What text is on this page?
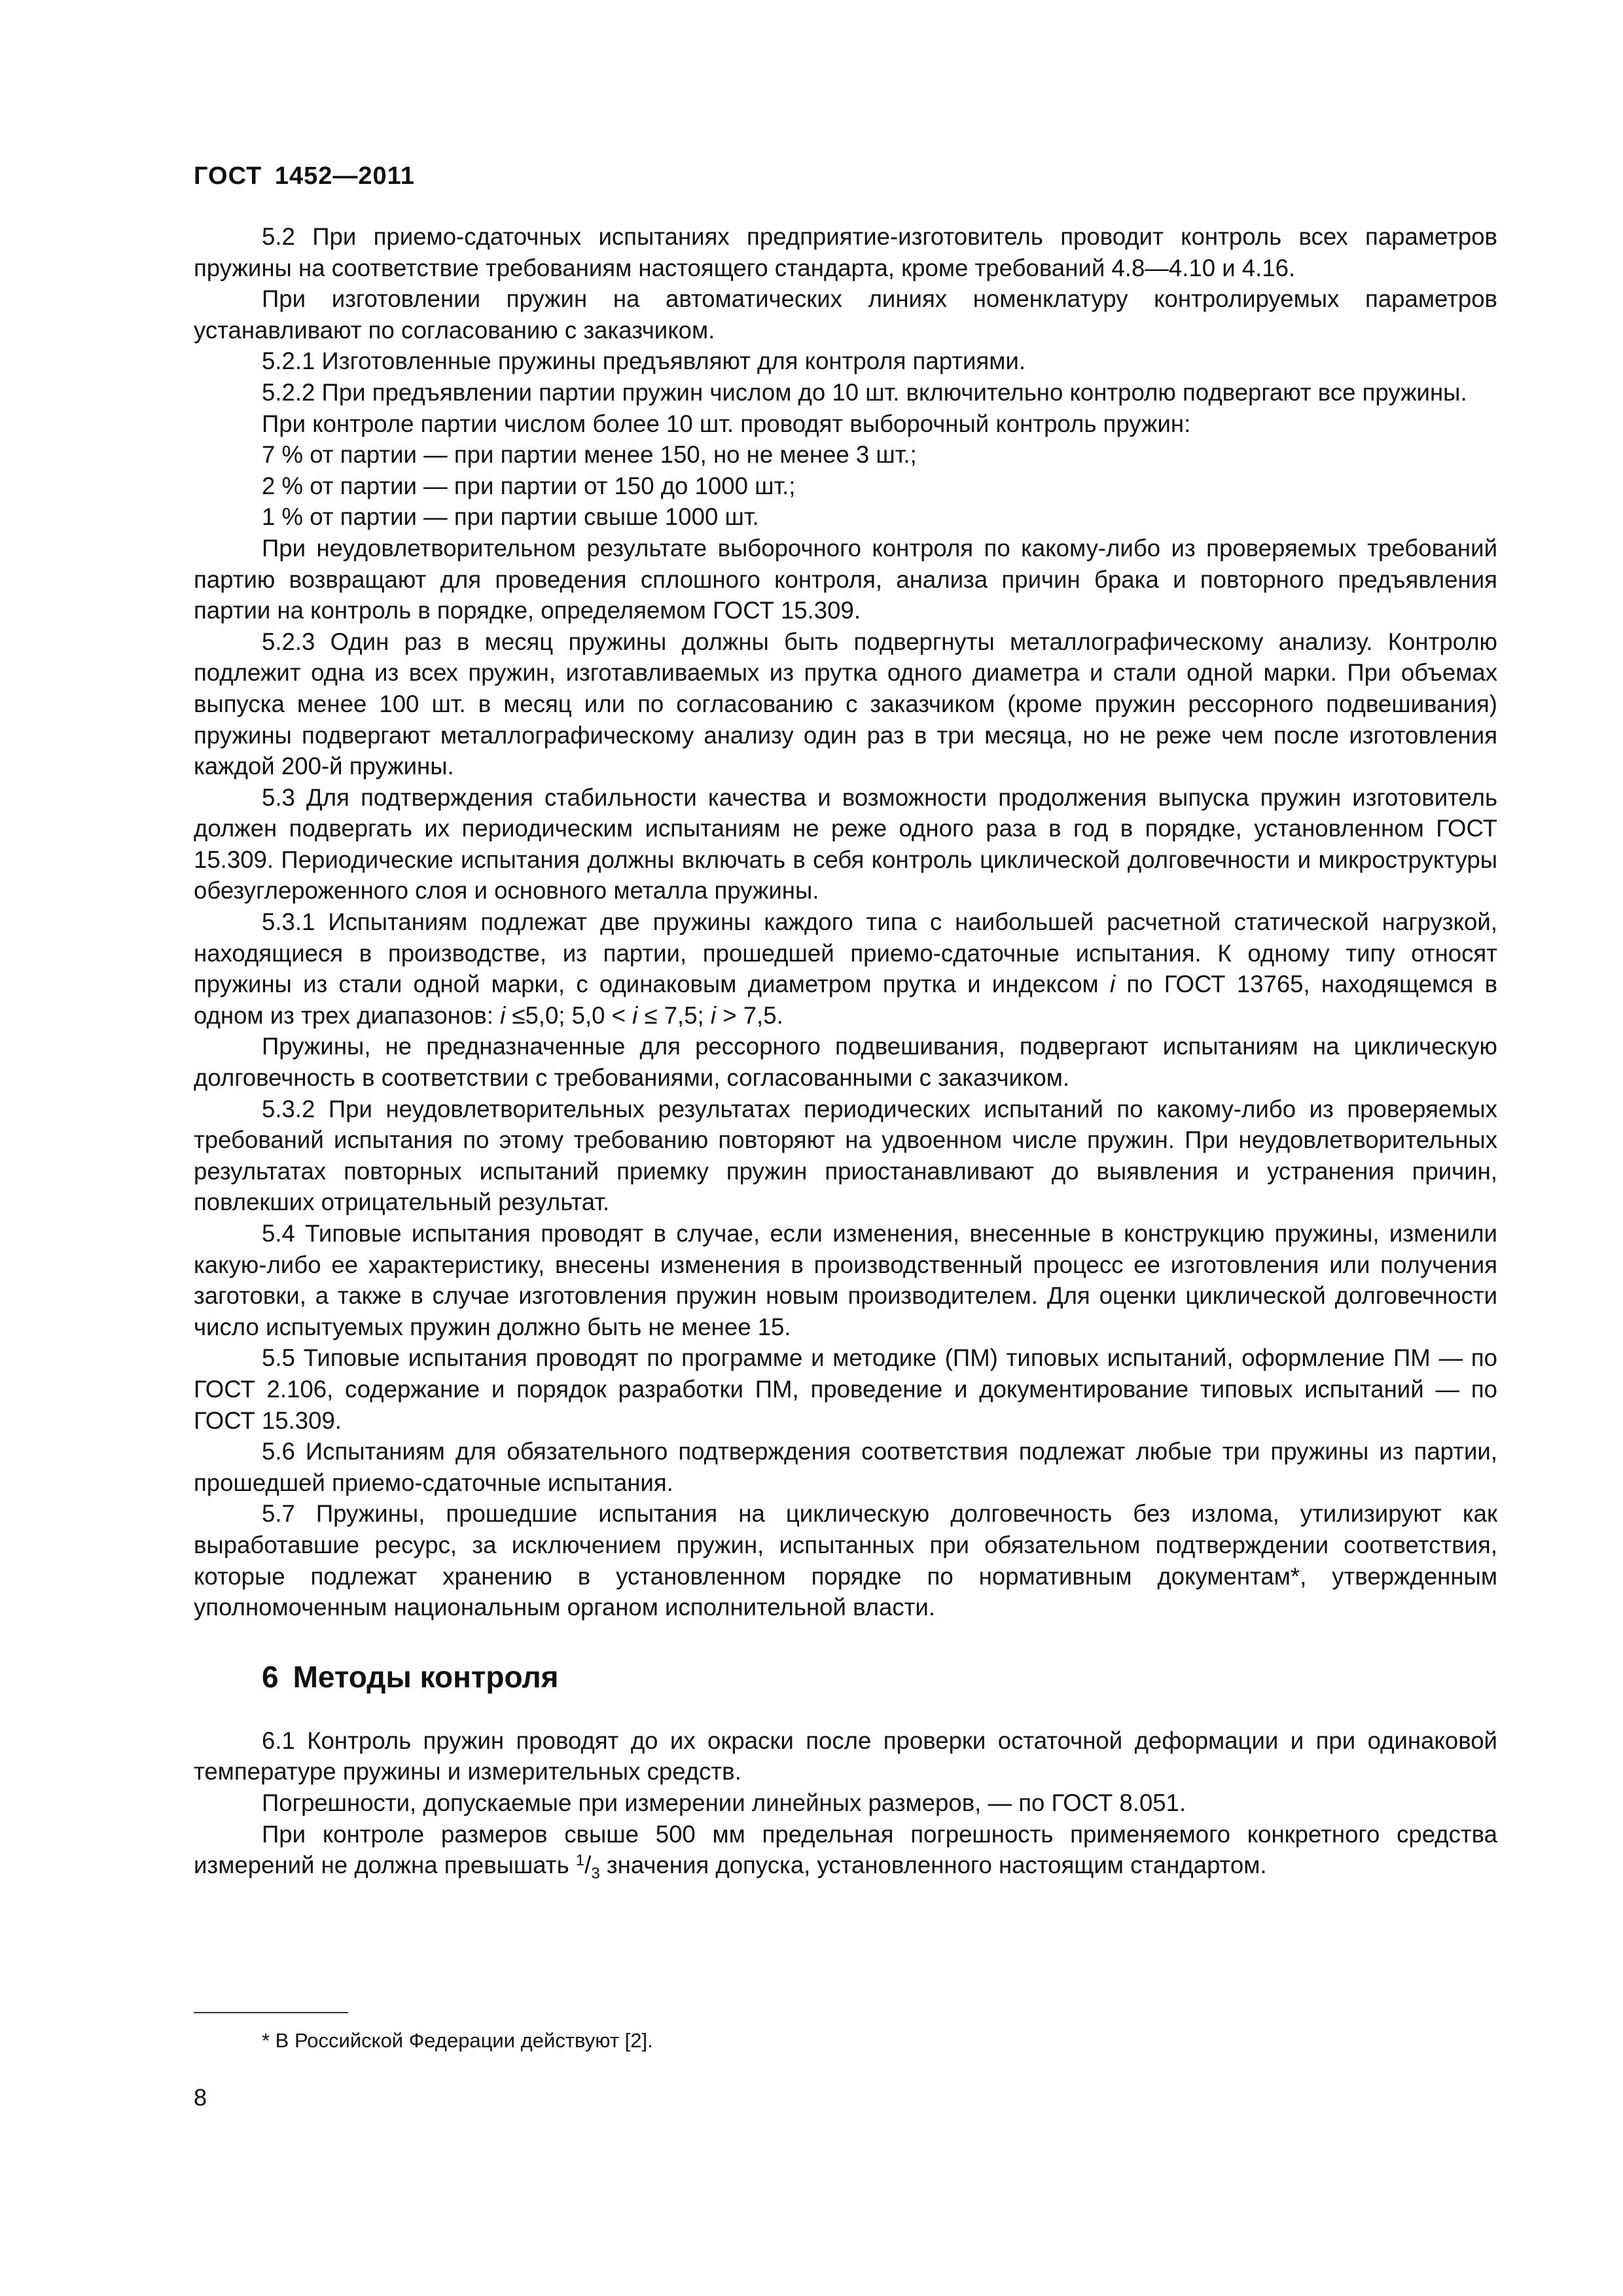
ГОСТ 1452—2011

5.2 При приемо-сдаточных испытаниях предприятие-изготовитель проводит контроль всех параметров пружины на соответствие требованиям настоящего стандарта, кроме требований 4.8—4.10 и 4.16.

При изготовлении пружин на автоматических линиях номенклатуру контролируемых параметров устанавливают по согласованию с заказчиком.

5.2.1 Изготовленные пружины предъявляют для контроля партиями.

5.2.2 При предъявлении партии пружин числом до 10 шт. включительно контролю подвергают все пружины.

При контроле партии числом более 10 шт. проводят выборочный контроль пружин:

7 % от партии — при партии менее 150, но не менее 3 шт.;

2 % от партии — при партии от 150 до 1000 шт.;

1 % от партии — при партии свыше 1000 шт.

При неудовлетворительном результате выборочного контроля по какому-либо из проверяемых требований партию возвращают для проведения сплошного контроля, анализа причин брака и повторного предъявления партии на контроль в порядке, определяемом ГОСТ 15.309.

5.2.3 Один раз в месяц пружины должны быть подвергнуты металлографическому анализу. Контролю подлежит одна из всех пружин, изготавливаемых из прутка одного диаметра и стали одной марки. При объемах выпуска менее 100 шт. в месяц или по согласованию с заказчиком (кроме пружин рессорного подвешивания) пружины подвергают металлографическому анализу один раз в три месяца, но не реже чем после изготовления каждой 200-й пружины.

5.3 Для подтверждения стабильности качества и возможности продолжения выпуска пружин изготовитель должен подвергать их периодическим испытаниям не реже одного раза в год в порядке, установленном ГОСТ 15.309. Периодические испытания должны включать в себя контроль циклической долговечности и микроструктуры обезуглероженного слоя и основного металла пружины.

5.3.1 Испытаниям подлежат две пружины каждого типа с наибольшей расчетной статической нагрузкой, находящиеся в производстве, из партии, прошедшей приемо-сдаточные испытания. К одному типу относят пружины из стали одной марки, с одинаковым диаметром прутка и индексом i по ГОСТ 13765, находящемся в одном из трех диапазонов: i ≤5,0; 5,0 < i ≤ 7,5; i > 7,5.

Пружины, не предназначенные для рессорного подвешивания, подвергают испытаниям на циклическую долговечность в соответствии с требованиями, согласованными с заказчиком.

5.3.2 При неудовлетворительных результатах периодических испытаний по какому-либо из проверяемых требований испытания по этому требованию повторяют на удвоенном числе пружин. При неудовлетворительных результатах повторных испытаний приемку пружин приостанавливают до выявления и устранения причин, повлекших отрицательный результат.

5.4 Типовые испытания проводят в случае, если изменения, внесенные в конструкцию пружины, изменили какую-либо ее характеристику, внесены изменения в производственный процесс ее изготовления или получения заготовки, а также в случае изготовления пружин новым производителем. Для оценки циклической долговечности число испытуемых пружин должно быть не менее 15.

5.5 Типовые испытания проводят по программе и методике (ПМ) типовых испытаний, оформление ПМ — по ГОСТ 2.106, содержание и порядок разработки ПМ, проведение и документирование типовых испытаний — по ГОСТ 15.309.

5.6 Испытаниям для обязательного подтверждения соответствия подлежат любые три пружины из партии, прошедшей приемо-сдаточные испытания.

5.7 Пружины, прошедшие испытания на циклическую долговечность без излома, утилизируют как выработавшие ресурс, за исключением пружин, испытанных при обязательном подтверждении соответствия, которые подлежат хранению в установленном порядке по нормативным документам*, утвержденным уполномоченным национальным органом исполнительной власти.

6 Методы контроля

6.1 Контроль пружин проводят до их окраски после проверки остаточной деформации и при одинаковой температуре пружины и измерительных средств.

Погрешности, допускаемые при измерении линейных размеров, — по ГОСТ 8.051.

При контроле размеров свыше 500 мм предельная погрешность применяемого конкретного средства измерений не должна превышать $^1/_3$ значения допуска, установленного настоящим стандартом.

* В Российской Федерации действуют [2].
8
